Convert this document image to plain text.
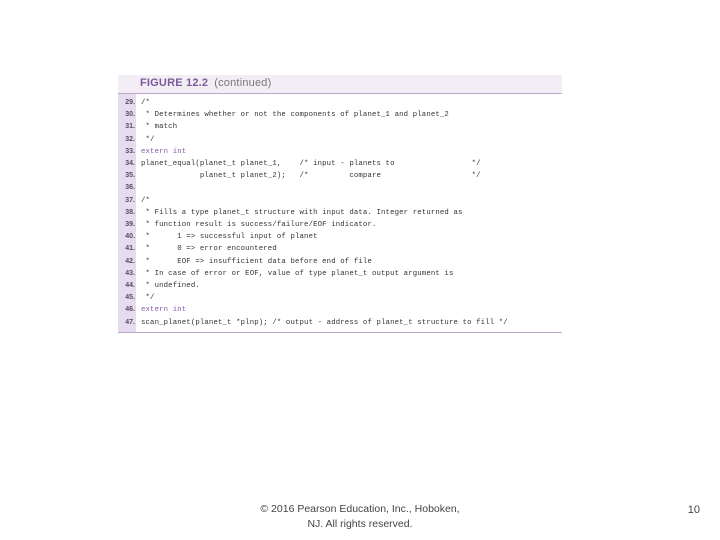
FIGURE 12.2 (continued)
29. /*
30. * Determines whether or not the components of planet_1 and planet_2
31. * match
32. */
33. extern int
34. planet_equal(planet_t planet_1,    /* input - planets to                 */
35. planet_t planet_2);   /*         compare                    */
36.
37. /*
38. * Fills a type planet_t structure with input data. Integer returned as
39. * function result is success/failure/EOF indicator.
40. *      1 => successful input of planet
41. *      0 => error encountered
42. *      EOF => insufficient data before end of file
43. * In case of error or EOF, value of type planet_t output argument is
44. * undefined.
45. */
46. extern int
47. scan_planet(planet_t *plnp); /* output - address of planet_t structure to fill */
© 2016 Pearson Education, Inc., Hoboken,
NJ. All rights reserved.
10
